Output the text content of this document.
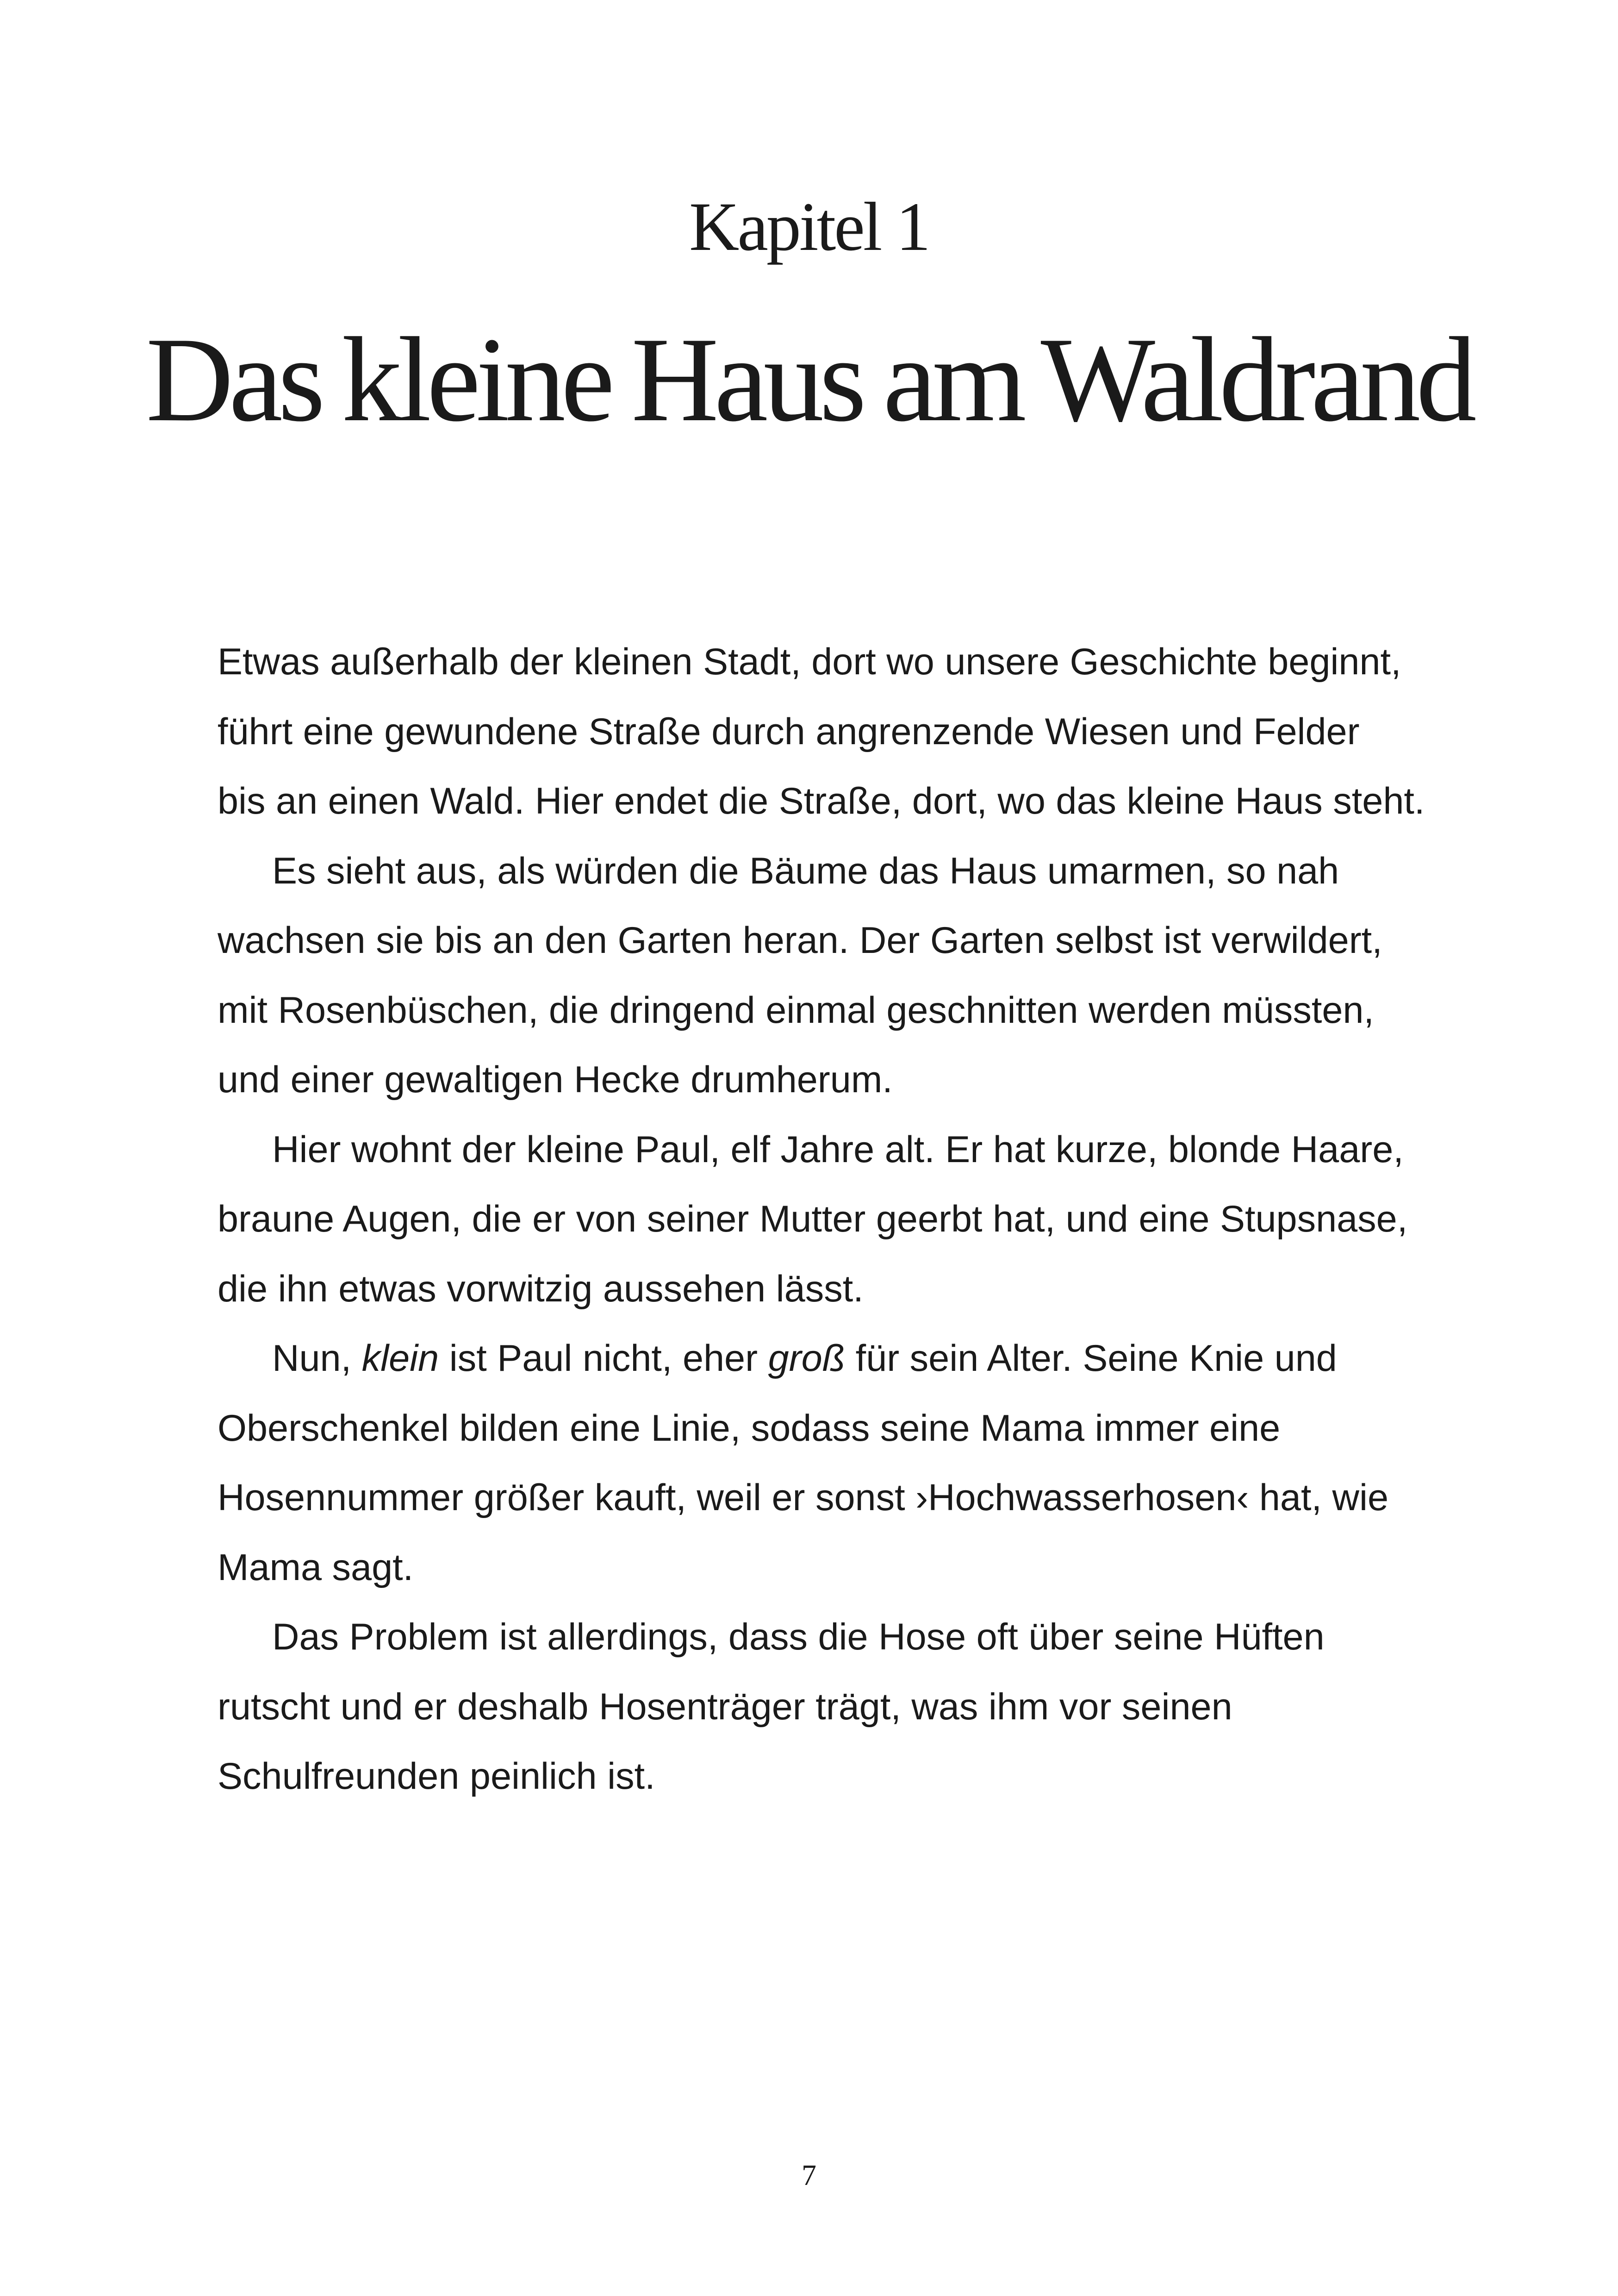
Kapitel 1
Das kleine Haus am Waldrand
Etwas außerhalb der kleinen Stadt, dort wo unsere Geschichte beginnt,
führt eine gewundene Straße durch angrenzende Wiesen und Felder
bis an einen Wald. Hier endet die Straße, dort, wo das kleine Haus steht.
Es sieht aus, als würden die Bäume das Haus umarmen, so nah
wachsen sie bis an den Garten heran. Der Garten selbst ist verwildert,
mit Rosenbüschen, die dringend einmal geschnitten werden müssten,
und einer gewaltigen Hecke drumherum.
Hier wohnt der kleine Paul, elf Jahre alt. Er hat kurze, blonde Haare,
braune Augen, die er von seiner Mutter geerbt hat, und eine Stupsnase,
die ihn etwas vorwitzig aussehen lässt.
Nun, klein ist Paul nicht, eher groß für sein Alter. Seine Knie und
Oberschenkel bilden eine Linie, sodass seine Mama immer eine
Hosennummer größer kauft, weil er sonst ›Hochwasserhosen‹ hat, wie
Mama sagt.
Das Problem ist allerdings, dass die Hose oft über seine Hüften
rutscht und er deshalb Hosenträger trägt, was ihm vor seinen
Schulfreunden peinlich ist.
7
